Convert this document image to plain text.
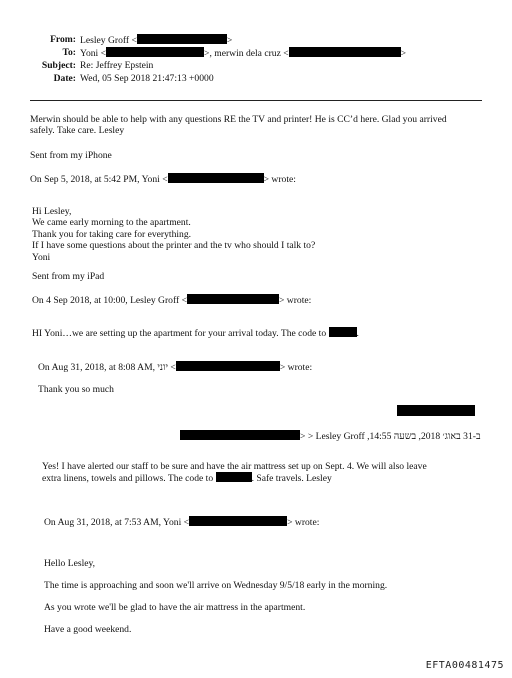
From: Lesley Groff <	>
To: Yoni <	>, merwin dela cruz <	>
Subject: Re: Jeffrey Epstein
Date: Wed, 05 Sep 2018 21:47:13 +0000
Merwin should be able to help with any questions RE the TV and printer! He is CC’d here. Glad you arrived
safely. Take care. Lesley
Sent from my iPhone
On Sep 5, 2018, at 5:42 PM, Yoni <	> wrote:
Hi Lesley,
We came early morning to the apartment.
Thank you for taking care for everything.
If I have some questions about the printer and the tv who should I talk to?
Yoni
Sent from my iPad
On 4 Sep 2018, at 10:00, Lesley Groff <	> wrote:
HI Yoni…we are setting up the apartment for your arrival today. The code to	.
On Aug 31, 2018, at 8:08 AM, יוני <	> wrote:
Thank you so much
> ב-31 באוג׳ 2018, בשעה 14:55, Lesley Groff <
Yes! I have alerted our staff to be sure and have the air mattress set up on Sept. 4. We will also leave
extra linens, towels and pillows. The code to	. Safe travels. Lesley
On Aug 31, 2018, at 7:53 AM, Yoni <	> wrote:
Hello Lesley,
The time is approaching and soon we'll arrive on Wednesday 9/5/18 early in the morning.
As you wrote we'll be glad to have the air mattress in the apartment.
Have a good weekend.
EFTA00481475
